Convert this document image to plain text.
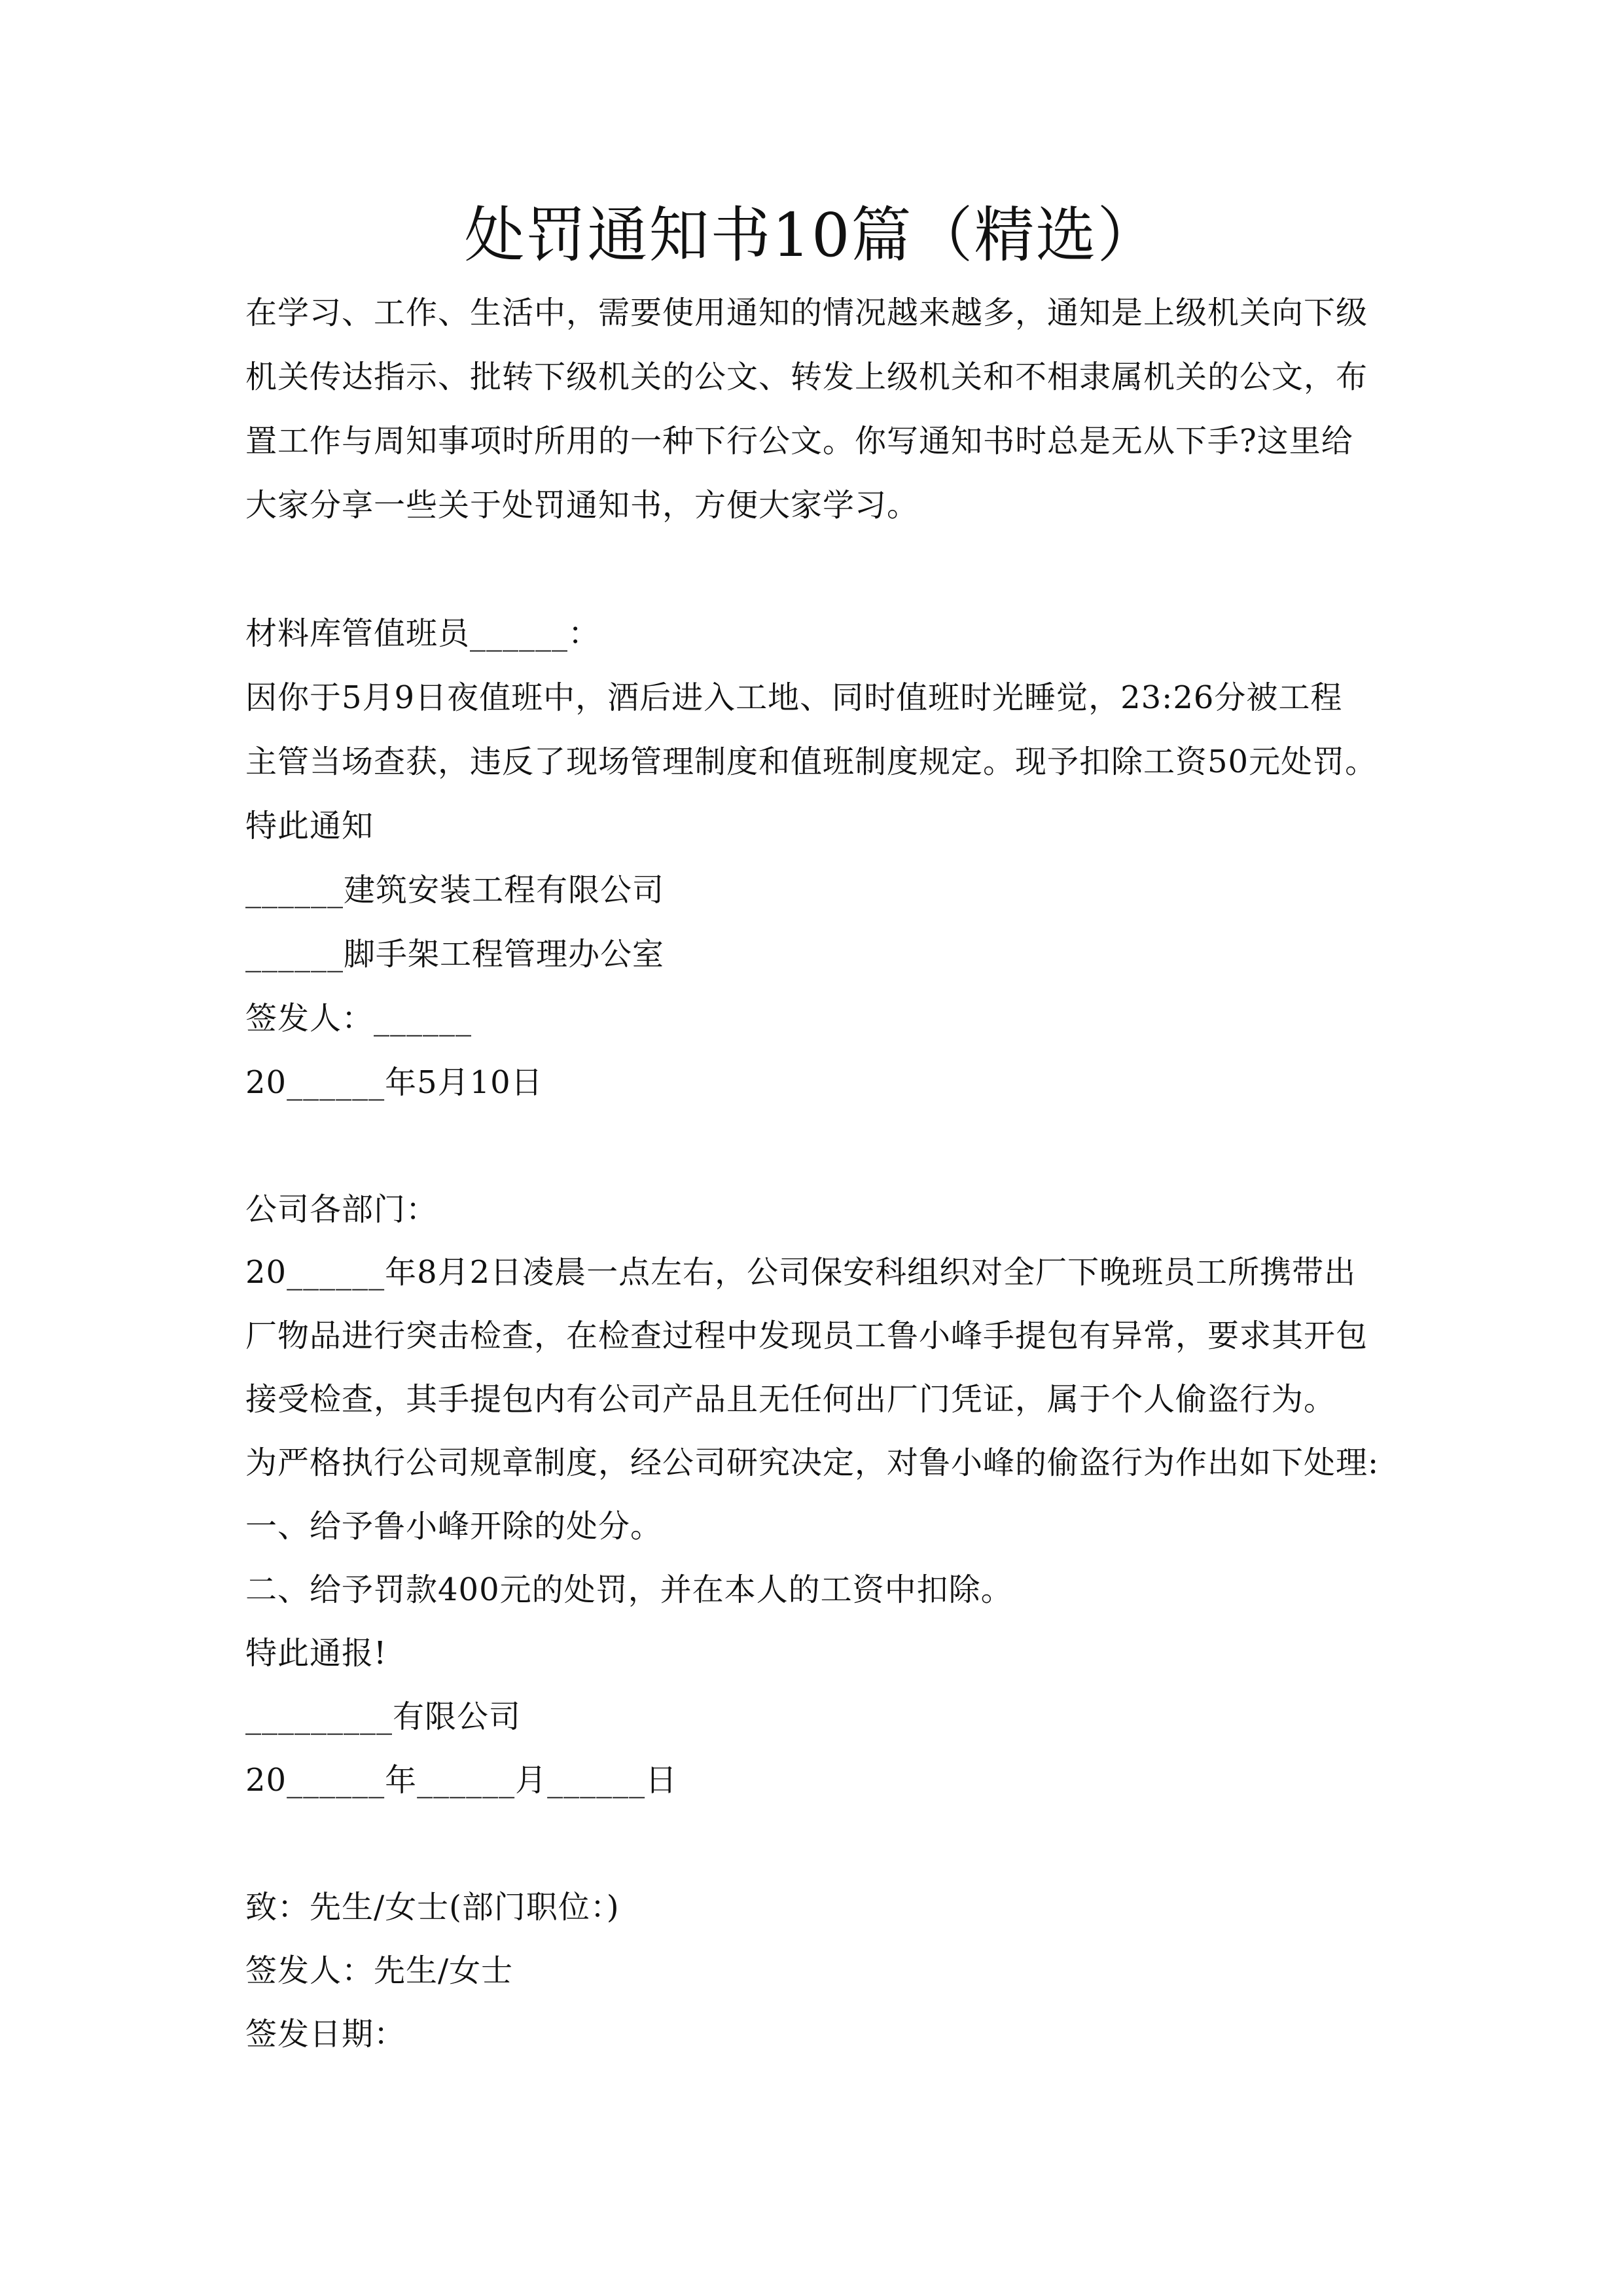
处罚通知书10篇（精选）
在学习、工作、生活中，需要使用通知的情况越来越多，通知是上级机关向下级
机关传达指示、批转下级机关的公文、转发上级机关和不相隶属机关的公文，布
置工作与周知事项时所用的一种下行公文。你写通知书时总是无从下手?这里给
大家分享一些关于处罚通知书，方便大家学习。
材料库管值班员______：
因你于5月9日夜值班中，酒后进入工地、同时值班时光睡觉，23:26分被工程
主管当场查获，违反了现场管理制度和值班制度规定。现予扣除工资50元处罚。
特此通知
______建筑安装工程有限公司
______脚手架工程管理办公室
签发人：______
20______年5月10日
公司各部门：
20______年8月2日凌晨一点左右，公司保安科组织对全厂下晚班员工所携带出
厂物品进行突击检查，在检查过程中发现员工鲁小峰手提包有异常，要求其开包
接受检查，其手提包内有公司产品且无任何出厂门凭证，属于个人偷盗行为。
为严格执行公司规章制度，经公司研究决定，对鲁小峰的偷盗行为作出如下处理:
一、给予鲁小峰开除的处分。
二、给予罚款400元的处罚，并在本人的工资中扣除。
特此通报!
_________有限公司
20______年______月______日
致：先生/女士(部门职位：)
签发人：先生/女士
签发日期：
